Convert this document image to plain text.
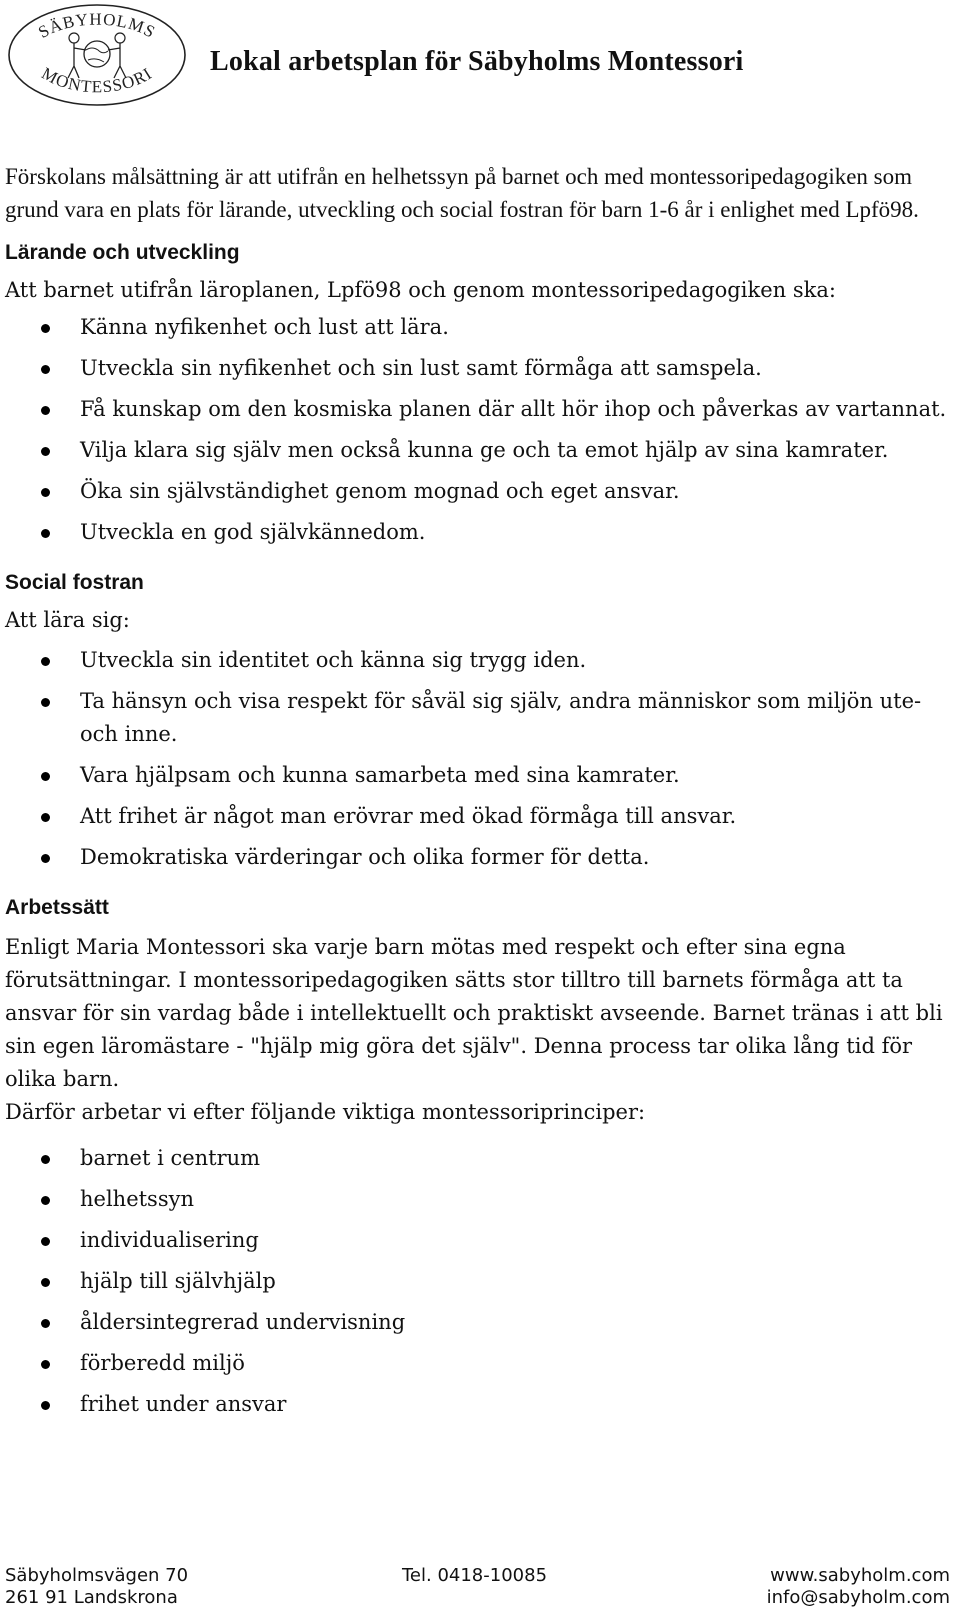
SÄBYHOLMS
MONTESSORI Lokal arbetsplan för Säbyholms Montessori

Förskolans målsättning är att utifrån en helhetssyn på barnet och med montessoripedagogiken som grund vara en plats för lärande, utveckling och social fostran för barn 1-6 år i enlighet med Lpfö98.

Lärande och utveckling

Att barnet utifrån läroplanen, Lpfö98 och genom montessoripedagogiken ska:

Känna nyfikenhet och lust att lära.
Utveckla sin nyfikenhet och sin lust samt förmåga att samspela.
Få kunskap om den kosmiska planen där allt hör ihop och påverkas av vartannat.
Vilja klara sig själv men också kunna ge och ta emot hjälp av sina kamrater.
Öka sin självständighet genom mognad och eget ansvar.
Utveckla en god självkännedom.
Social fostran

Att lära sig:

Utveckla sin identitet och känna sig trygg iden.
Ta hänsyn och visa respekt för såväl sig själv, andra människor som miljön ute- och inne.
Vara hjälpsam och kunna samarbeta med sina kamrater.
Att frihet är något man erövrar med ökad förmåga till ansvar.
Demokratiska värderingar och olika former för detta.
Arbetssätt

Enligt Maria Montessori ska varje barn mötas med respekt och efter sina egna förutsättningar. I montessoripedagogiken sätts stor tilltro till barnets förmåga att ta ansvar för sin vardag både i intellektuellt och praktiskt avseende. Barnet tränas i att bli sin egen läromästare - "hjälp mig göra det själv". Denna process tar olika lång tid för olika barn.

Därför arbetar vi efter följande viktiga montessoriprinciper:

barnet i centrum
helhetssyn
individualisering
hjälp till självhjälp
åldersintegrerad undervisning
förberedd miljö
frihet under ansvar
Säbyholmsvägen 70
261 91 Landskrona
Tel. 0418-10085	www.sabyholm.com
info@sabyholm.com
